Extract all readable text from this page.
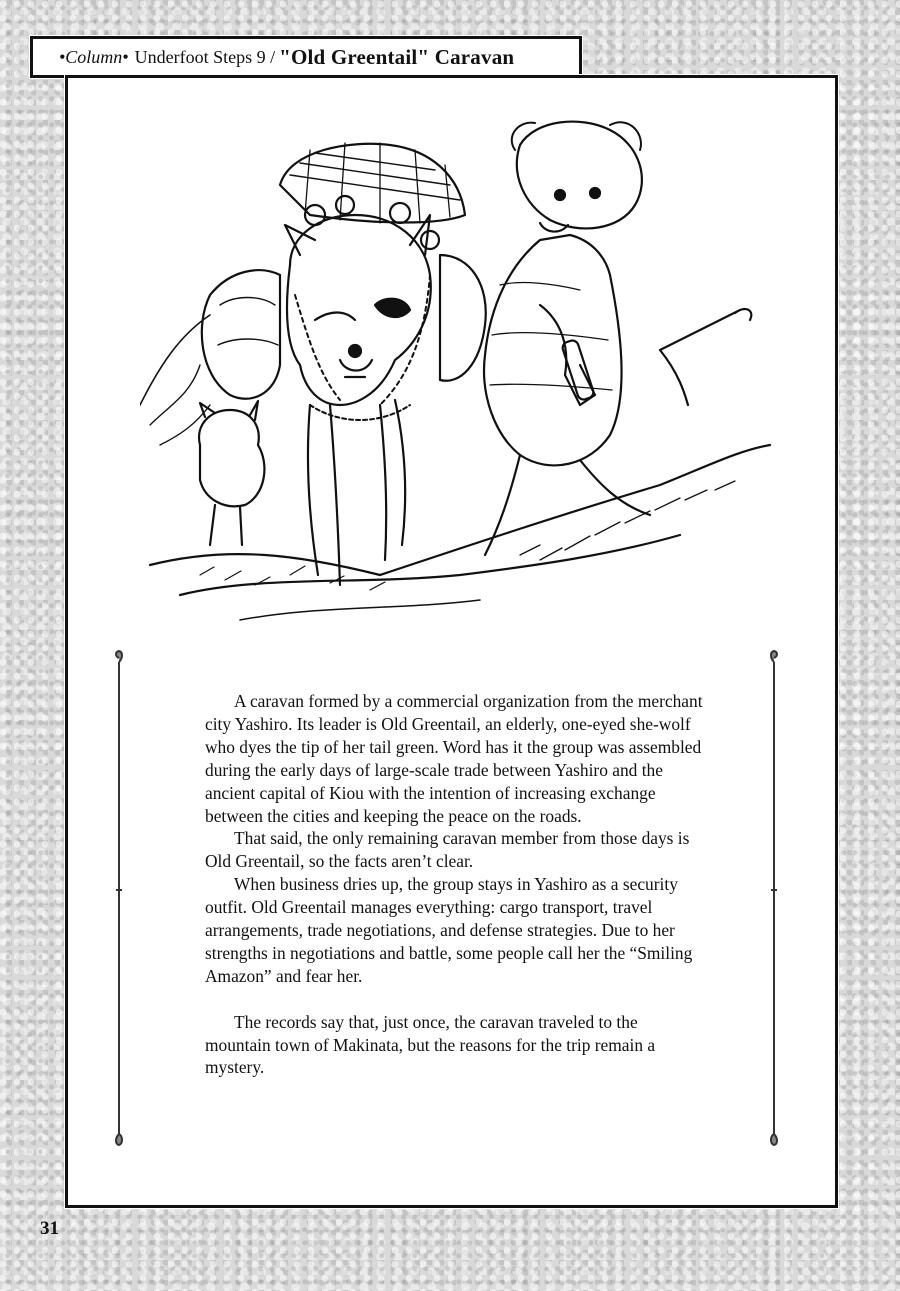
•Column• Underfoot Steps 9 / "Old Greentail" Caravan

A caravan formed by a commercial organization from the merchant city Yashiro. Its leader is Old Greentail, an elderly, one-eyed she-wolf who dyes the tip of her tail green. Word has it the group was assembled during the early days of large-scale trade between Yashiro and the ancient capital of Kiou with the intention of increasing exchange between the cities and keeping the peace on the roads.

That said, the only remaining caravan member from those days is Old Greentail, so the facts aren’t clear.

When business dries up, the group stays in Yashiro as a security outfit. Old Greentail manages everything: cargo transport, travel arrangements, trade negotiations, and defense strategies. Due to her strengths in negotiations and battle, some people call her the “Smiling Amazon” and fear her.

The records say that, just once, the caravan traveled to the mountain town of Makinata, but the reasons for the trip remain a mystery.

31
